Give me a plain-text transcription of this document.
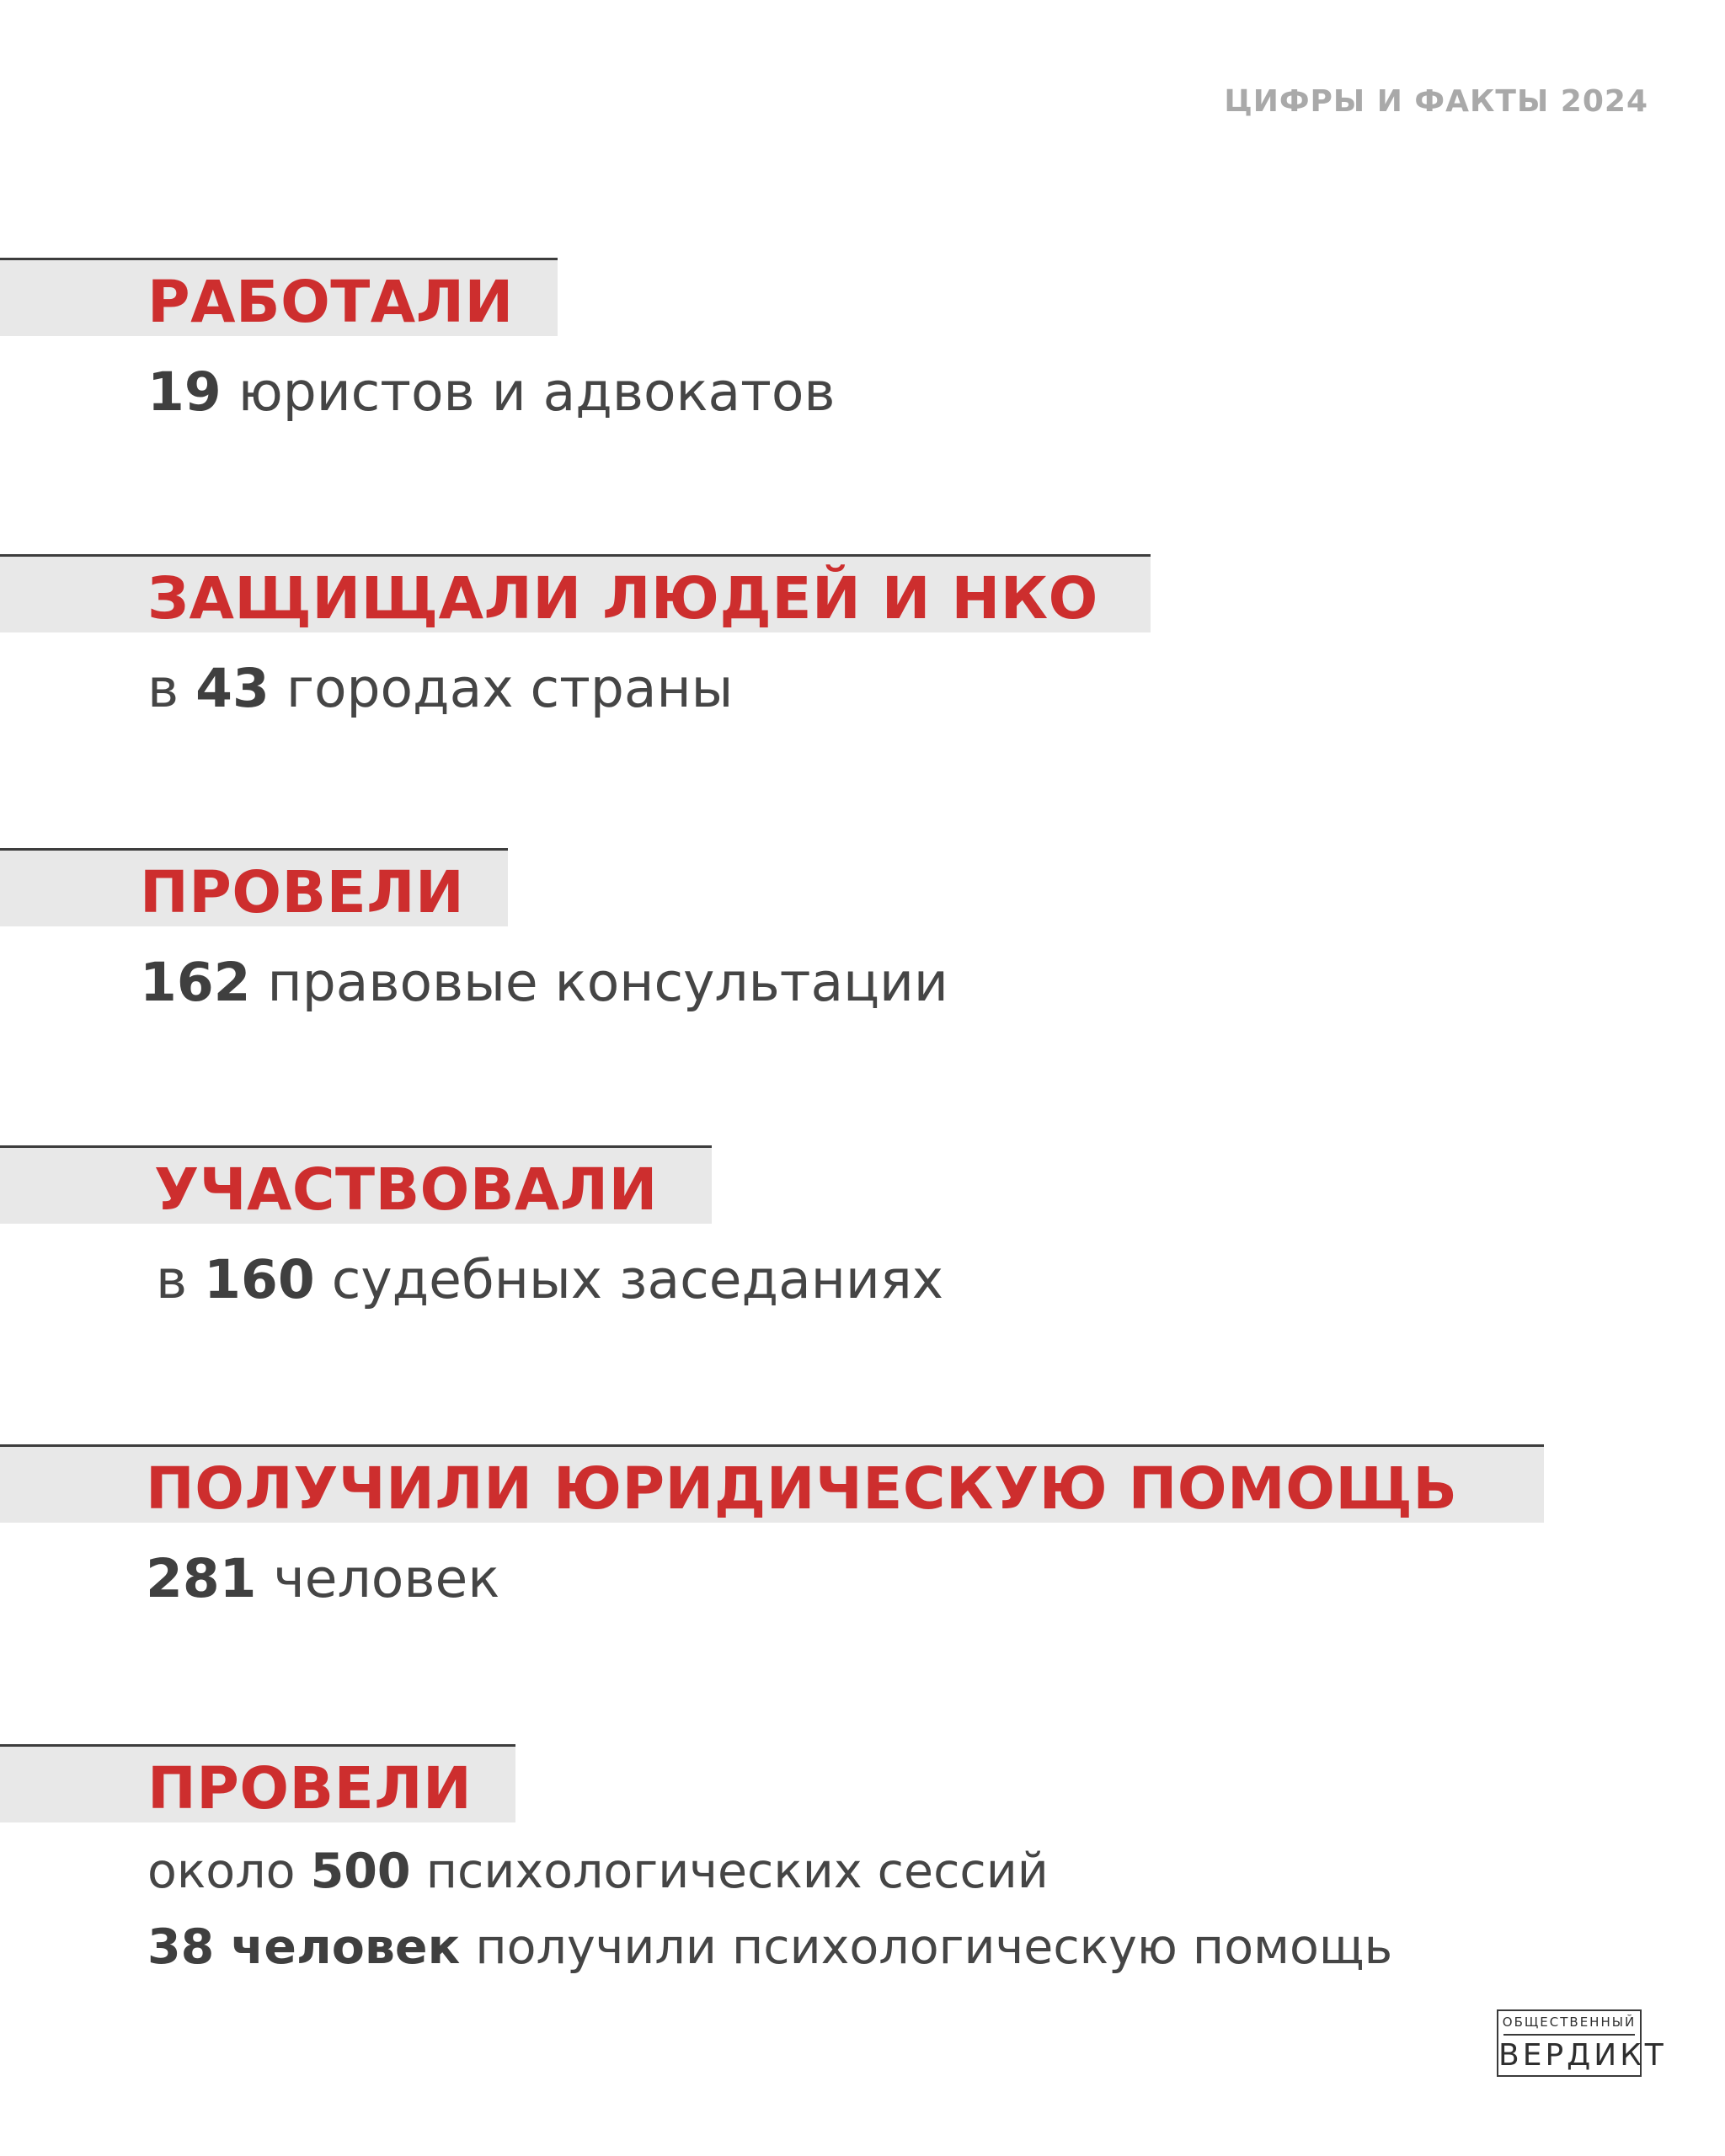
ЦИФРЫ И ФАКТЫ 2024
РАБОТАЛИ
19 юристов и адвокатов
ЗАЩИЩАЛИ ЛЮДЕЙ И НКО
в 43 городах страны
ПРОВЕЛИ
162 правовые консультации
УЧАСТВОВАЛИ
в 160 судебных заседаниях
ПОЛУЧИЛИ ЮРИДИЧЕСКУЮ ПОМОЩЬ
281 человек
ПРОВЕЛИ
около 500 психологических сессий
38 человек получили психологическую помощь
ОБЩЕСТВЕННЫЙ
ВЕРДИКТ
